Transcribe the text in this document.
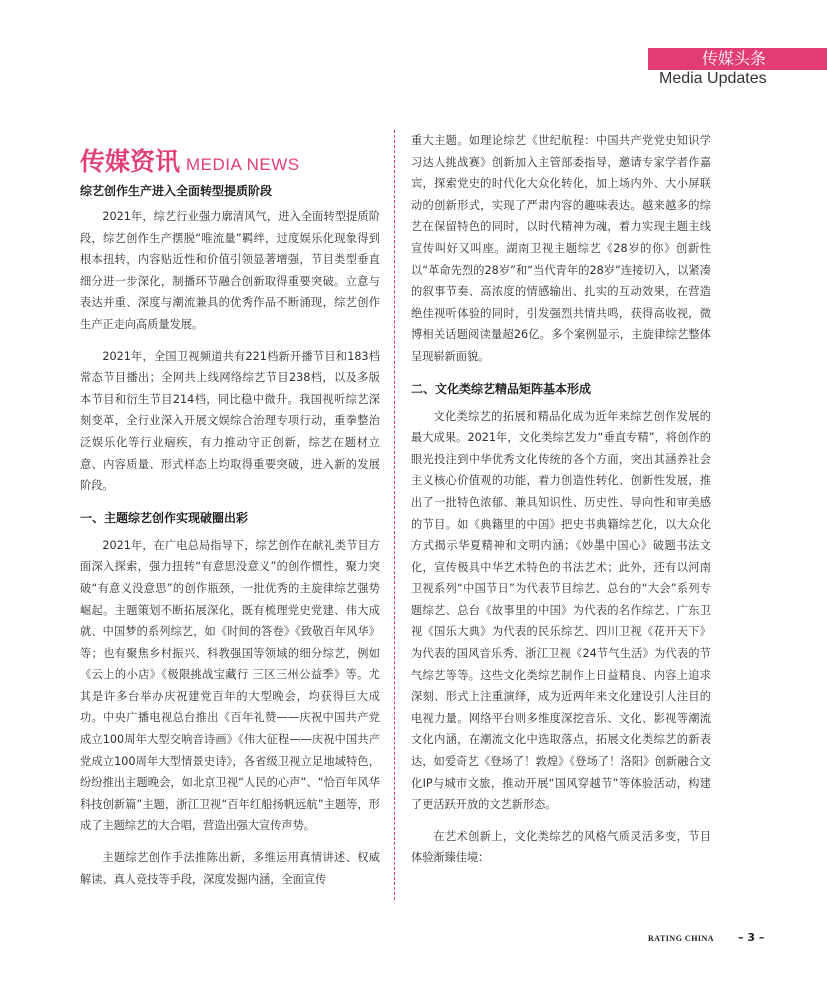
传媒头条
Media Updates
传媒资讯 MEDIA NEWS
综艺创作生产进入全面转型提质阶段

2021年，综艺行业强力廓清风气，进入全面转型提质阶段，综艺创作生产摆脱“唯流量”羁绊，过度娱乐化现象得到根本扭转，内容贴近性和价值引领显著增强，节目类型垂直细分进一步深化，制播环节融合创新取得重要突破。立意与表达并重、深度与潮流兼具的优秀作品不断涌现，综艺创作生产正走向高质量发展。

2021年，全国卫视频道共有221档新开播节目和183档常态节目播出；全网共上线网络综艺节目238档，以及多版本节目和衍生节目214档，同比稳中微升。我国视听综艺深刻变革，全行业深入开展文娱综合治理专项行动，重拳整治泛娱乐化等行业痼疾，有力推动守正创新，综艺在题材立意、内容质量、形式样态上均取得重要突破，进入新的发展阶段。

一、主题综艺创作实现破圈出彩

2021年，在广电总局指导下，综艺创作在献礼类节目方面深入探索，强力扭转“有意思没意义”的创作惯性，聚力突破“有意义没意思”的创作瓶颈，一批优秀的主旋律综艺强势崛起。主题策划不断拓展深化，既有梳理党史党建、伟大成就、中国梦的系列综艺，如《时间的答卷》《致敬百年风华》等；也有聚焦乡村振兴、科教强国等领域的细分综艺，例如《云上的小店》《极限挑战宝藏行 三区三州公益季》等。尤其是许多台举办庆祝建党百年的大型晚会，均获得巨大成功。中央广播电视总台推出《百年礼赞——庆祝中国共产党成立100周年大型交响音诗画》《伟大征程——庆祝中国共产党成立100周年大型情景史诗》，各省级卫视立足地域特色，纷纷推出主题晚会，如北京卫视“人民的心声”、“恰百年风华科技创新篇”主题，浙江卫视“百年红船扬帆远航”主题等，形成了主题综艺的大合唱，营造出强大宣传声势。

主题综艺创作手法推陈出新，多维运用真情讲述、权威解读、真人竞技等手段，深度发掘内涵，全面宣传

重大主题。如理论综艺《世纪航程：中国共产党党史知识学习达人挑战赛》创新加入主管部委指导，邀请专家学者作嘉宾，探索党史的时代化大众化转化，加上场内外、大小屏联动的创新形式，实现了严肃内容的趣味表达。越来越多的综艺在保留特色的同时，以时代精神为魂，着力实现主题主线宣传叫好又叫座。湖南卫视主题综艺《28岁的你》创新性以“革命先烈的28岁”和“当代青年的28岁”连接切入，以紧凑的叙事节奏、高浓度的情感输出、扎实的互动效果，在营造绝佳视听体验的同时，引发强烈共情共鸣，获得高收视，微博相关话题阅读量超26亿。多个案例显示，主旋律综艺整体呈现崭新面貌。

二、文化类综艺精品矩阵基本形成

文化类综艺的拓展和精品化成为近年来综艺创作发展的最大成果。2021年，文化类综艺发力“垂直专精”，将创作的眼光投注到中华优秀文化传统的各个方面，突出其涵养社会主义核心价值观的功能，着力创造性转化、创新性发展，推出了一批特色浓郁、兼具知识性、历史性、导向性和审美感的节目。如《典籍里的中国》把史书典籍综艺化，以大众化方式揭示华夏精神和文明内涵；《妙墨中国心》破题书法文化，宣传极具中华艺术特色的书法艺术；此外，还有以河南卫视系列“中国节日”为代表节目综艺、总台的“大会”系列专题综艺、总台《故事里的中国》为代表的名作综艺、广东卫视《国乐大典》为代表的民乐综艺、四川卫视《花开天下》为代表的国风音乐秀、浙江卫视《24节气生活》为代表的节气综艺等等。这些文化类综艺制作上日益精良、内容上追求深刻、形式上注重演绎，成为近两年来文化建设引人注目的电视力量。网络平台则多维度深挖音乐、文化、影视等潮流文化内涵，在潮流文化中选取落点，拓展文化类综艺的新表达，如爱奇艺《登场了！敦煌》《登场了！洛阳》创新融合文化IP与城市文旅，推动开展“国风穿越节”等体验活动，构建了更活跃开放的文艺新形态。

在艺术创新上，文化类综艺的风格气质灵活多变，节目体验渐臻佳境：

RATING CHINA – 3 –
